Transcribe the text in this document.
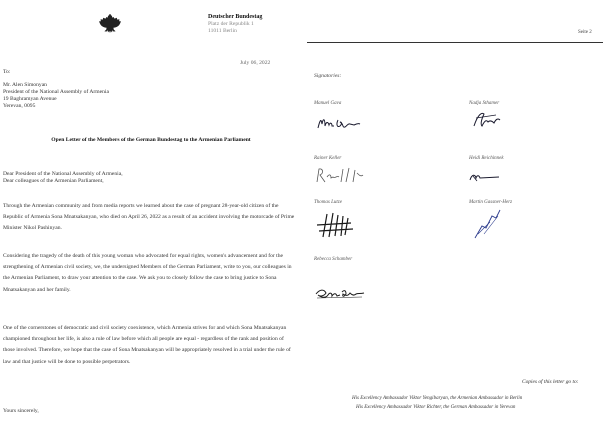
Deutscher Bundestag
Platz der Republik 1
11011 Berlin
July 06, 2022
To:
Mr. Alen Simonyan
President of the National Assembly of Armenia
19 Baghramyan Avenue
Yerevan, 0095
Open Letter of the Members of the German Bundestag to the Armenian Parliament
Dear President of the National Assembly of Armenia,
Dear colleagues of the Armenian Parliament,
Through the Armenian community and from media reports we learned about the case of pregnant 28-year-old citizen of the Republic of Armenia Sona Mnatsakanyan, who died on April 26, 2022 as a result of an accident involving the motorcade of Prime Minister Nikol Pashinyan.
Considering the tragedy of the death of this young woman who advocated for equal rights, women's advancement and for the strengthening of Armenian civil society, we, the undersigned Members of the German Parliament, write to you, our colleagues in the Armenian Parliament, to draw your attention to the case. We ask you to closely follow the case to bring justice to Sona Mnatsakanyan and her family.
One of the cornerstones of democratic and civil society coexistence, which Armenia strives for and which Sona Mnatsakanyan championed throughout her life, is also a rule of law before which all people are equal - regardless of the rank and position of those involved. Therefore, we hope that the case of Sona Mnatsakanyan will be appropriately resolved in a trial under the rule of law and that justice will be done to possible perpetrators.
Yours sincerely,
Seite 2
Signatories:
Manuel Gava	Nadja Sthamer
Rainer Keller	Heidi Reichinnek
Thomas Lutze	Martin Gassner-Herz
Rebecca Schamber
Copies of this letter go to:
His Excellency Ambassador Viktor Yengibaryan, the Armenian Ambassador in Berlin
His Excellency Ambassador Viktor Richter, the German Ambassador in Yerevan
